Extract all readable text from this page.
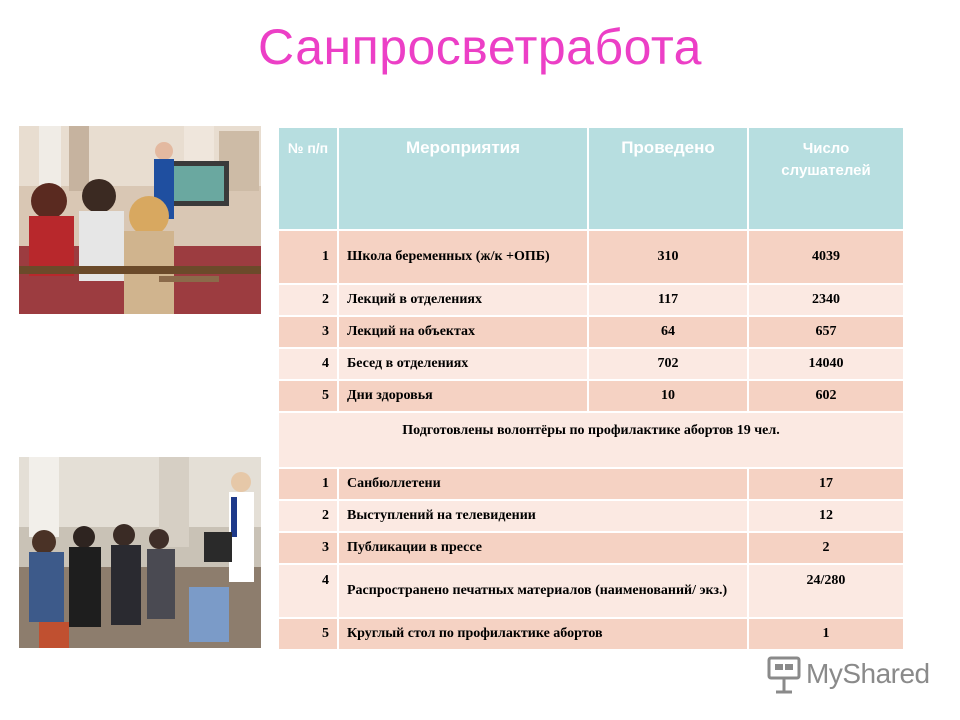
Санпросветработа
№ п/п	Мероприятия	Проведено	Число слушателей
1	Школа беременных (ж/к +ОПБ)	310	4039
2	Лекций в отделениях	117	2340
3	Лекций на объектах	64	657
4	Бесед в отделениях	702	14040
5	Дни здоровья	10	602
Подготовлены волонтёры по профилактике абортов 19 чел.			
1	Санбюллетени		17
2	Выступлений на телевидении		12
3	Публикации в прессе		2
4	Распространено печатных материалов (наименований/ экз.)		24/280
5	Круглый стол по профилактике абортов		1
MyShared
